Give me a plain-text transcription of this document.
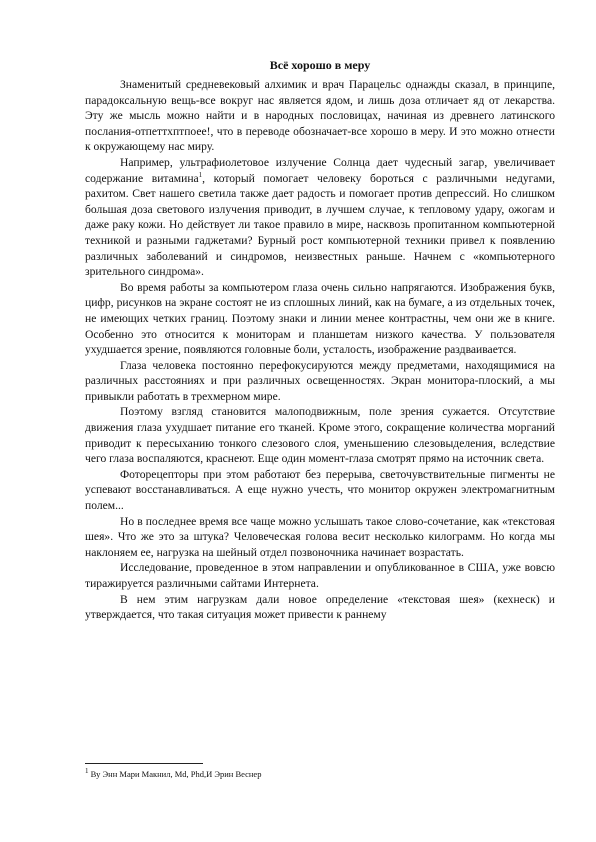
Всё хорошо в меру

Знаменитый средневековый алхимик и врач Парацельс однажды сказал, в принципе, парадоксальную вещь-все вокруг нас является ядом, и лишь доза отличает яд от лекарства. Эту же мысль можно найти и в народных пословицах, начиная из древнего латинского послания-отпеттхптпоее!, что в переводе обозначает-все хорошо в меру. И это можно отнести к окружающему нас миру.

Например, ультрафиолетовое излучение Солнца дает чудесный загар, увеличивает содержание витамина$^1$, который помогает человеку бороться с различными недугами, рахитом. Свет нашего светила также дает радость и помогает против депрессий. Но слишком большая доза светового излучения приводит, в лучшем случае, к тепловому удару, ожогам и даже раку кожи. Но действует ли такое правило в мире, насквозь пропитанном компьютерной техникой и разными гаджетами? Бурный рост компьютерной техники привел к появлению различных заболеваний и синдромов, неизвестных раньше. Начнем с «компьютерного зрительного синдрома».

Во время работы за компьютером глаза очень сильно напрягаются. Изображения букв, цифр, рисунков на экране состоят не из сплошных линий, как на бумаге, а из отдельных точек, не имеющих четких границ. Поэтому знаки и линии менее контрастны, чем они же в книге. Особенно это относится к мониторам и планшетам низкого качества. У пользователя ухудшается зрение, появляются головные боли, усталость, изображение раздваивается.

Глаза человека постоянно перефокусируются между предметами, находящимися на различных расстояниях и при различных освещенностях. Экран монитора-плоский, а мы привыкли работать в трехмерном мире.

Поэтому взгляд становится малоподвижным, поле зрения сужается. Отсутствие движения глаза ухудшает питание его тканей. Кроме этого, сокращение количества морганий приводит к пересыханию тонкого слезового слоя, уменьшению слезовыделения, вследствие чего глаза воспаляются, краснеют. Еще один момент-глаза смотрят прямо на источник света.

Фоторецепторы при этом работают без перерыва, светочувствительные пигменты не успевают восстанавливаться. А еще нужно учесть, что монитор окружен электромагнитным полем...

Но в последнее время все чаще можно услышать такое слово-сочетание, как «текстовая шея». Что же это за штука? Человеческая голова весит несколько килограмм. Но когда мы наклоняем ее, нагрузка на шейный отдел позвоночника начинает возрастать.

Исследование, проведенное в этом направлении и опубликованное в США, уже вовсю тиражируется различными сайтами Интернета.

В нем этим нагрузкам дали новое определение «текстовая шея» (кехнеск) и утверждается, что такая ситуация может привести к раннему

$^1$ Ву Энн Мари Макнил, Md, Phd,И Эрин Веснер
